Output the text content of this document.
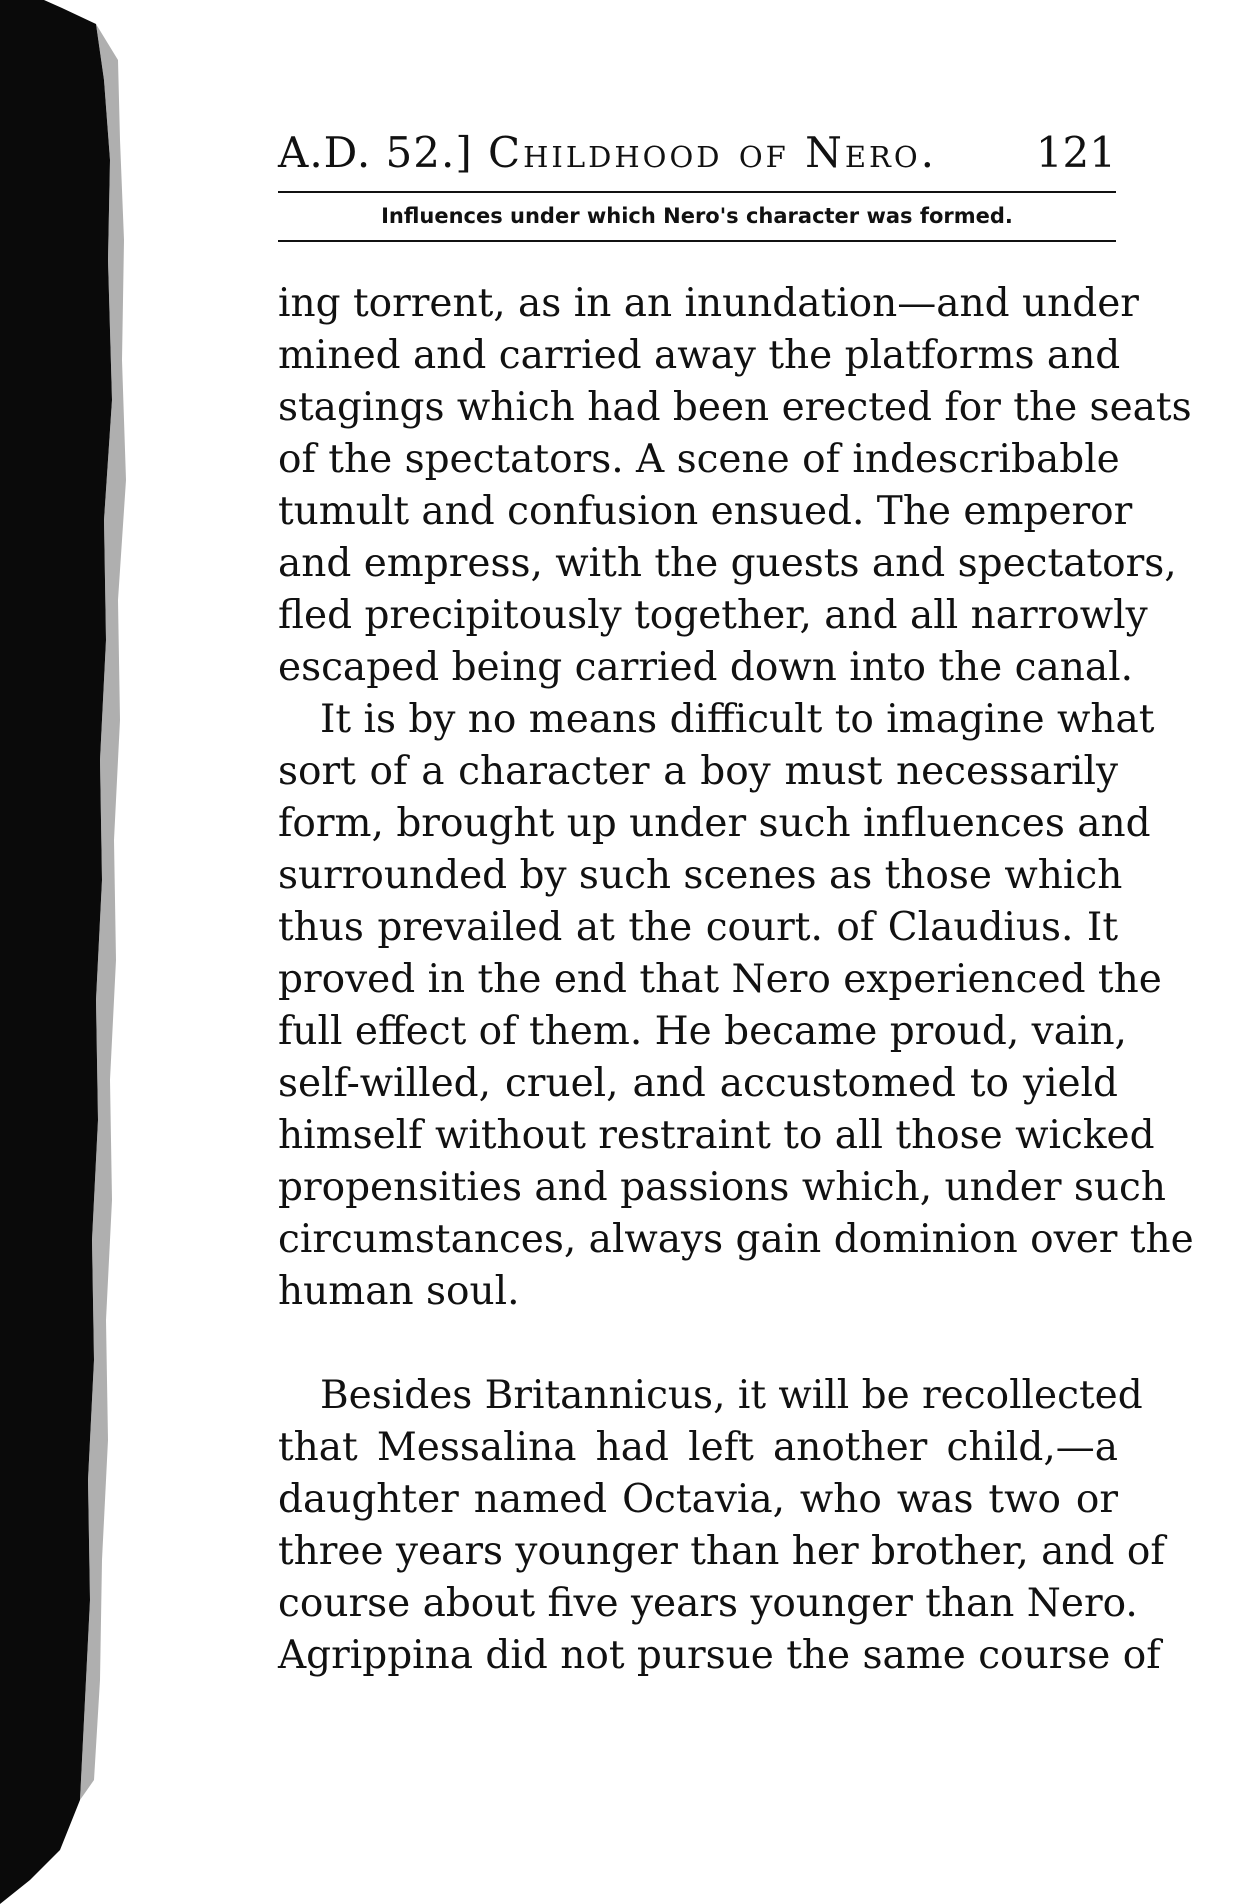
A.D. 52.] Childhood of Nero. 121
Influences under which Nero's character was formed.
ing torrent, as in an inundation—and under
mined and carried away the platforms and
stagings which had been erected for the seats
of the spectators. A scene of indescribable
tumult and confusion ensued. The emperor
and empress, with the guests and spectators,
fled precipitously together, and all narrowly
escaped being carried down into the canal.
It is by no means difficult to imagine what
sort of a character a boy must necessarily
form, brought up under such influences and
surrounded by such scenes as those which
thus prevailed at the court. of Claudius. It
proved in the end that Nero experienced the
full effect of them. He became proud, vain,
self-willed, cruel, and accustomed to yield
himself without restraint to all those wicked
propensities and passions which, under such
circumstances, always gain dominion over the
human soul.
Besides Britannicus, it will be recollected
that Messalina had left another child,—a
daughter named Octavia, who was two or
three years younger than her brother, and of
course about five years younger than Nero.
Agrippina did not pursue the same course of
